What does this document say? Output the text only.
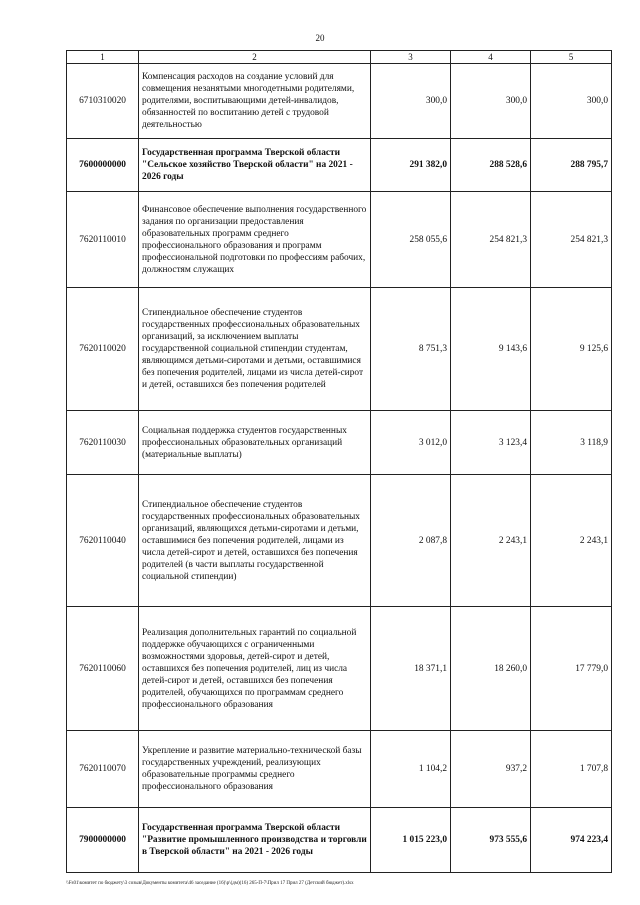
20
1	2	3	4	5
6710310020	Компенсация расходов на создание условий для совмещения незанятыми многодетными родителями, родителями, воспитывающими детей-инвалидов, обязанностей по воспитанию детей с трудовой деятельностью	300,0	300,0	300,0
7600000000	Государственная программа Тверской области "Сельское хозяйство Тверской области" на 2021 - 2026 годы	291 382,0	288 528,6	288 795,7
7620110010	Финансовое обеспечение выполнения государственного задания по организации предоставления образовательных программ среднего профессионального образования и программ профессиональной подготовки по профессиям рабочих, должностям служащих	258 055,6	254 821,3	254 821,3
7620110020	Стипендиальное обеспечение студентов государственных профессиональных образовательных организаций, за исключением выплаты государственной социальной стипендии студентам, являющимся детьми-сиротами и детьми, оставшимися без попечения родителей, лицами из числа детей-сирот и детей, оставшихся без попечения родителей	8 751,3	9 143,6	9 125,6
7620110030	Социальная поддержка студентов государственных профессиональных образовательных организаций (материальные выплаты)	3 012,0	3 123,4	3 118,9
7620110040	Стипендиальное обеспечение студентов государственных профессиональных образовательных организаций, являющихся детьми-сиротами и детьми, оставшимися без попечения родителей, лицами из числа детей-сирот и детей, оставшихся без попечения родителей (в части выплаты государственной социальной стипендии)	2 087,8	2 243,1	2 243,1
7620110060	Реализация дополнительных гарантий по социальной поддержке обучающихся с ограниченными возможностями здоровья, детей-сирот и детей, оставшихся без попечения родителей, лиц из числа детей-сирот и детей, оставшихся без попечения родителей, обучающихся по программам среднего профессионального образования	18 371,1	18 260,0	17 779,0
7620110070	Укрепление и развитие материально-технической базы государственных учреждений, реализующих образовательные программы среднего профессионального образования	1 104,2	937,2	1 707,8
7900000000	Государственная программа Тверской области "Развитие промышленного производства и торговли в Тверской области" на 2021 - 2026 годы	1 015 223,0	973 555,6	974 223,4
\\Fs01\комитет по бюджету\3 созыв\Документы комитета\46 заседание (16)\р\(дм)(16) 265-П-7\Прил 17 Прил 27 (Детский бюджет).xlsx
